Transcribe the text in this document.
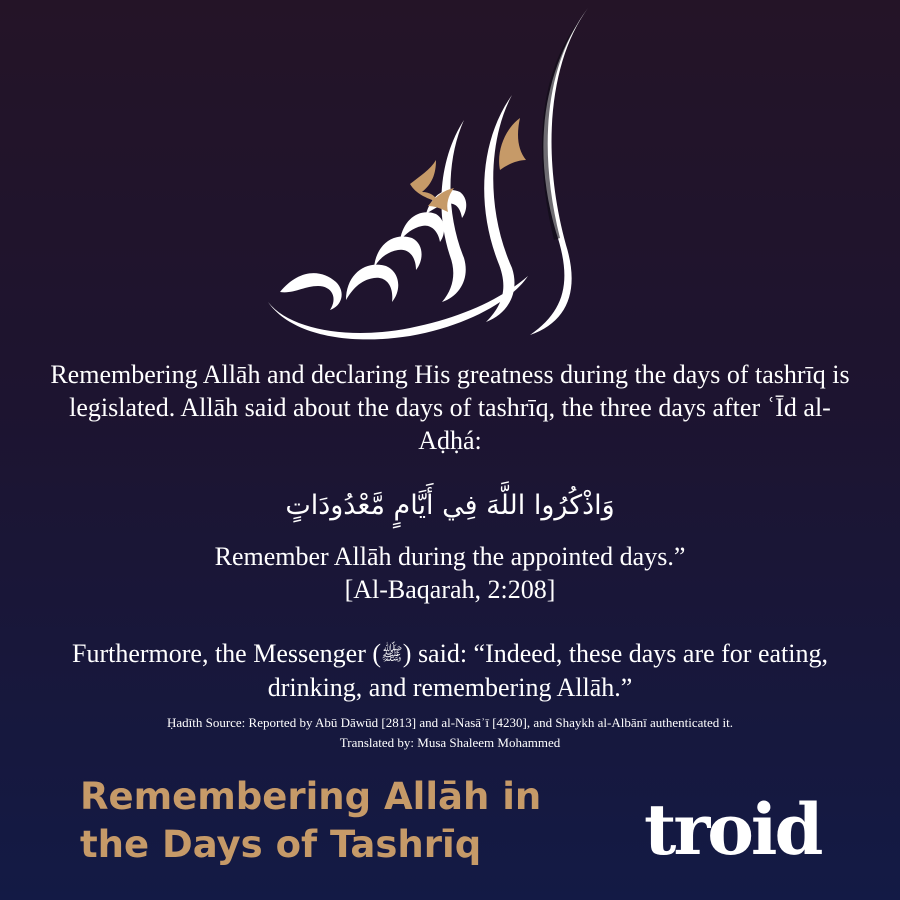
Remembering Allāh and declaring His greatness during the days of tashrīq is legislated. Allāh said about the days of tashrīq, the three days after ʿĪd al-Aḍḥá:
وَاذْكُرُوا اللَّهَ فِي أَيَّامٍ مَّعْدُودَاتٍ
Remember Allāh during the appointed days.”
[Al-Baqarah, 2:208]
Furthermore, the Messenger (ﷺ) said: “Indeed, these days are for eating, drinking, and remembering Allāh.”
Ḥadīth Source: Reported by Abū Dāwūd [2813] and al-Nasāʾī [4230], and Shaykh al-Albānī authenticated it.
Translated by: Musa Shaleem Mohammed
Remembering Allāh in
the Days of Tashrīq	troid
